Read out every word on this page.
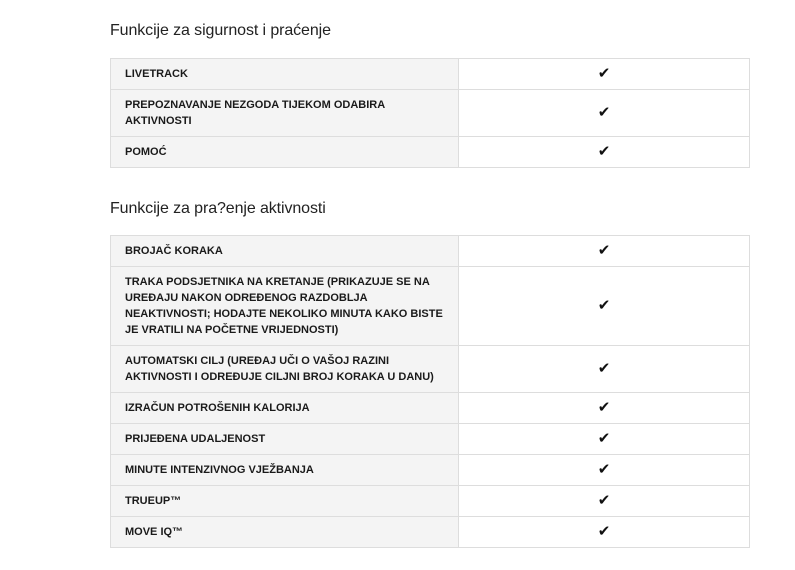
Funkcije za sigurnost i praćenje
LIVETRACK	✔
PREPOZNAVANJE NEZGODA TIJEKOM ODABIRA AKTIVNOSTI	✔
POMOĆ	✔
Funkcije za pra?enje aktivnosti
BROJAČ KORAKA	✔
TRAKA PODSJETNIKA NA KRETANJE (PRIKAZUJE SE NA UREĐAJU NAKON ODREĐENOG RAZDOBLJA NEAKTIVNOSTI; HODAJTE NEKOLIKO MINUTA KAKO BISTE JE VRATILI NA POČETNE VRIJEDNOSTI)	✔
AUTOMATSKI CILJ (UREĐAJ UČI O VAŠOJ RAZINI AKTIVNOSTI I ODREĐUJE CILJNI BROJ KORAKA U DANU)	✔
IZRAČUN POTROŠENIH KALORIJA	✔
PRIJEĐENA UDALJENOST	✔
MINUTE INTENZIVNOG VJEŽBANJA	✔
TRUEUP™	✔
MOVE IQ™	✔
